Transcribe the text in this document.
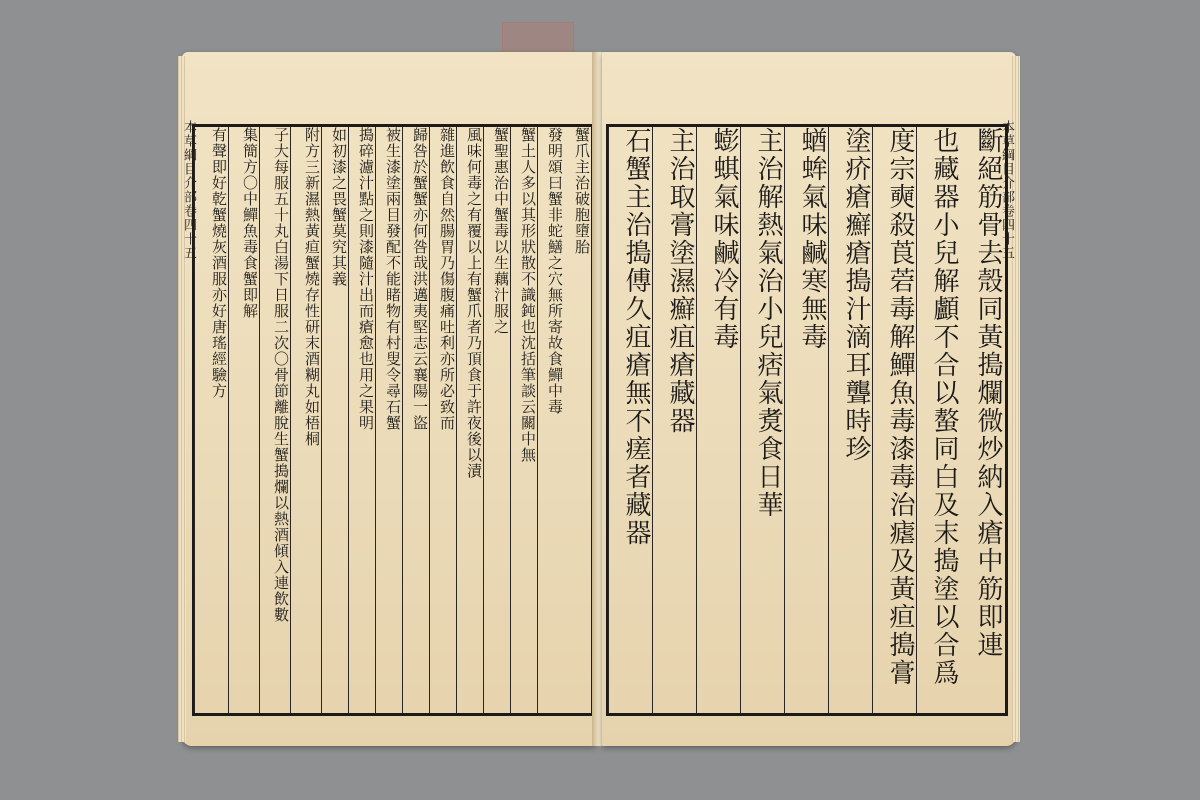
本草綱目介部卷四十五	蟹爪主治破胞墮胎
發明頌曰蟹非蛇鱔之穴無所寄故食鱓中毒
蟹土人多以其形狀散不識鈍也沈括筆談云關中無
蟹聖惠治中蟹毒以生藕汁服之
風味何毒之有覆以上有蟹爪者乃頂食于許夜後以漬
雜進飲食自然腸胃乃傷腹痛吐利亦所必致而
歸咎於蟹蟹亦何咎哉洪邁夷堅志云襄陽一盜
被生漆塗兩目發配不能睹物有村叟令尋石蟹
搗碎濾汁點之則漆隨汁出而瘡愈也用之果明
如初漆之畏蟹莫究其義
附方三新濕熱黃疸蟹燒存性研末酒糊丸如梧桐
子大每服五十丸白湯下日服二次〇骨節離脫生蟹搗爛以熱酒傾入連飲數
集簡方〇中鱓魚毒食蟹即解
有聲即好乾蟹燒灰酒服亦好唐瑤經驗方	本草綱目介部卷四十五
斷絕筋骨去殼同黃搗爛微炒納入瘡中筋即連
也藏器小兒解顱不合以螯同白及末搗塗以合爲
度宗奭殺莨菪毒解鱓魚毒漆毒治瘧及黃疸搗膏
塗疥瘡癬瘡搗汁滴耳聾時珍
蝤蛑氣味鹹寒無毒
主治解熱氣治小兒痞氣煑食日華
蟛蜞氣味鹹冷有毒
主治取膏塗濕癬疽瘡藏器
石蟹主治搗傅久疽瘡無不瘥者藏器
